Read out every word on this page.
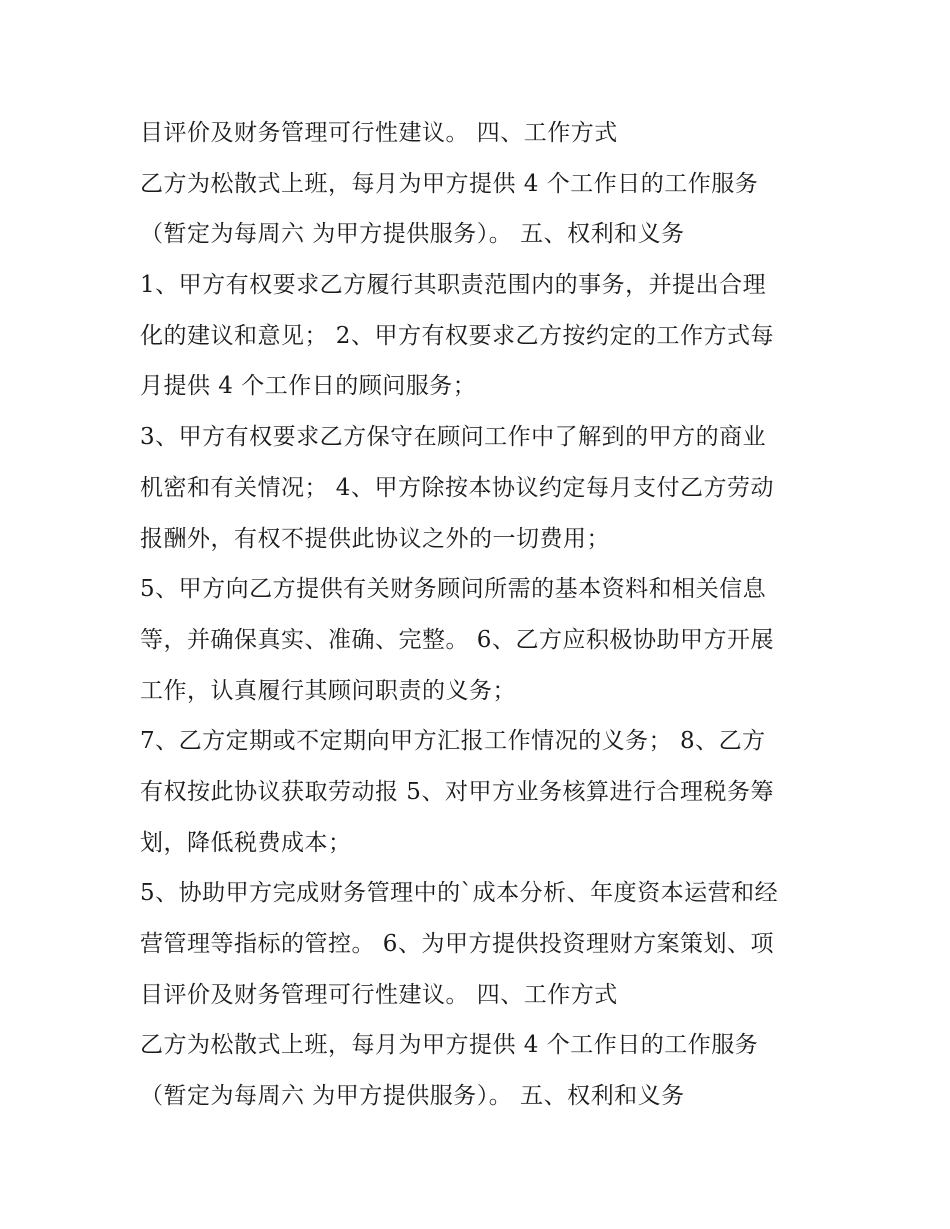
目评价及财务管理可行性建议。 四、工作方式
乙方为松散式上班，每月为甲方提供 4 个工作日的工作服务
（暂定为每周六 为甲方提供服务）。 五、权利和义务
1、甲方有权要求乙方履行其职责范围内的事务，并提出合理
化的建议和意见； 2、甲方有权要求乙方按约定的工作方式每
月提供 4 个工作日的顾问服务；
3、甲方有权要求乙方保守在顾问工作中了解到的甲方的商业
机密和有关情况； 4、甲方除按本协议约定每月支付乙方劳动
报酬外，有权不提供此协议之外的一切费用；
5、甲方向乙方提供有关财务顾问所需的基本资料和相关信息
等，并确保真实、准确、完整。 6、乙方应积极协助甲方开展
工作，认真履行其顾问职责的义务；
7、乙方定期或不定期向甲方汇报工作情况的义务； 8、乙方
有权按此协议获取劳动报 5、对甲方业务核算进行合理税务筹
划，降低税费成本；
5、协助甲方完成财务管理中的`成本分析、年度资本运营和经
营管理等指标的管控。 6、为甲方提供投资理财方案策划、项
目评价及财务管理可行性建议。 四、工作方式
乙方为松散式上班，每月为甲方提供 4 个工作日的工作服务
（暂定为每周六 为甲方提供服务）。 五、权利和义务
